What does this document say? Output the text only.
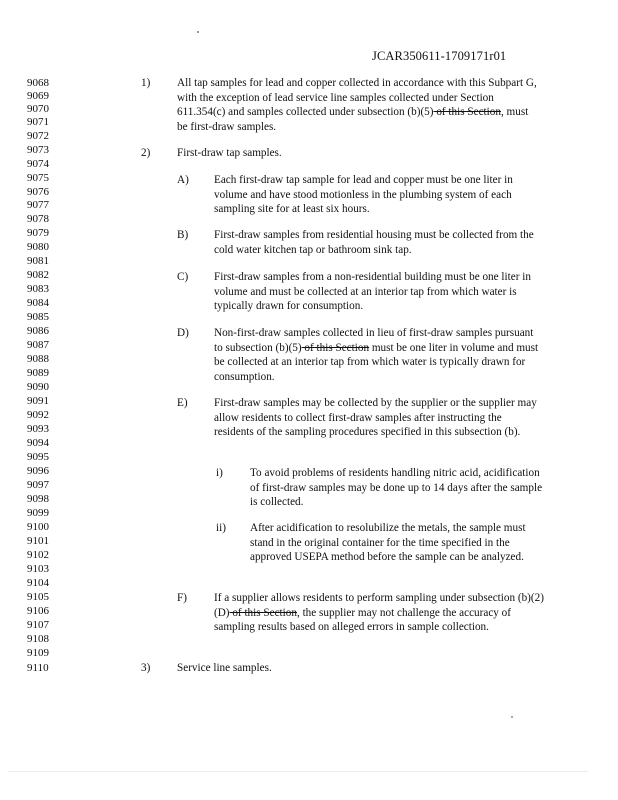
JCAR350611-1709171r01
9068
9069
9070
9071
9072
9073
9074
9075
9076
9077
9078
9079
9080
9081
9082
9083
9084
9085
9086
9087
9088
9089
9090
9091
9092
9093
9094
9095
9096
9097
9098
9099
9100
9101
9102
9103
9104
9105
9106
9107
9108
9109
9110
1) All tap samples for lead and copper collected in accordance with this Subpart G, with the exception of lead service line samples collected under Section 611.354(c) and samples collected under subsection (b)(5) of this Section, must be first-draw samples.
2) First-draw tap samples.
A) Each first-draw tap sample for lead and copper must be one liter in volume and have stood motionless in the plumbing system of each sampling site for at least six hours.
B) First-draw samples from residential housing must be collected from the cold water kitchen tap or bathroom sink tap.
C) First-draw samples from a non-residential building must be one liter in volume and must be collected at an interior tap from which water is typically drawn for consumption.
D) Non-first-draw samples collected in lieu of first-draw samples pursuant to subsection (b)(5) of this Section must be one liter in volume and must be collected at an interior tap from which water is typically drawn for consumption.
E) First-draw samples may be collected by the supplier or the supplier may allow residents to collect first-draw samples after instructing the residents of the sampling procedures specified in this subsection (b).
i) To avoid problems of residents handling nitric acid, acidification of first-draw samples may be done up to 14 days after the sample is collected.
ii) After acidification to resolubilize the metals, the sample must stand in the original container for the time specified in the approved USEPA method before the sample can be analyzed.
F) If a supplier allows residents to perform sampling under subsection (b)(2)(D) of this Section, the supplier may not challenge the accuracy of sampling results based on alleged errors in sample collection.
3) Service line samples.
